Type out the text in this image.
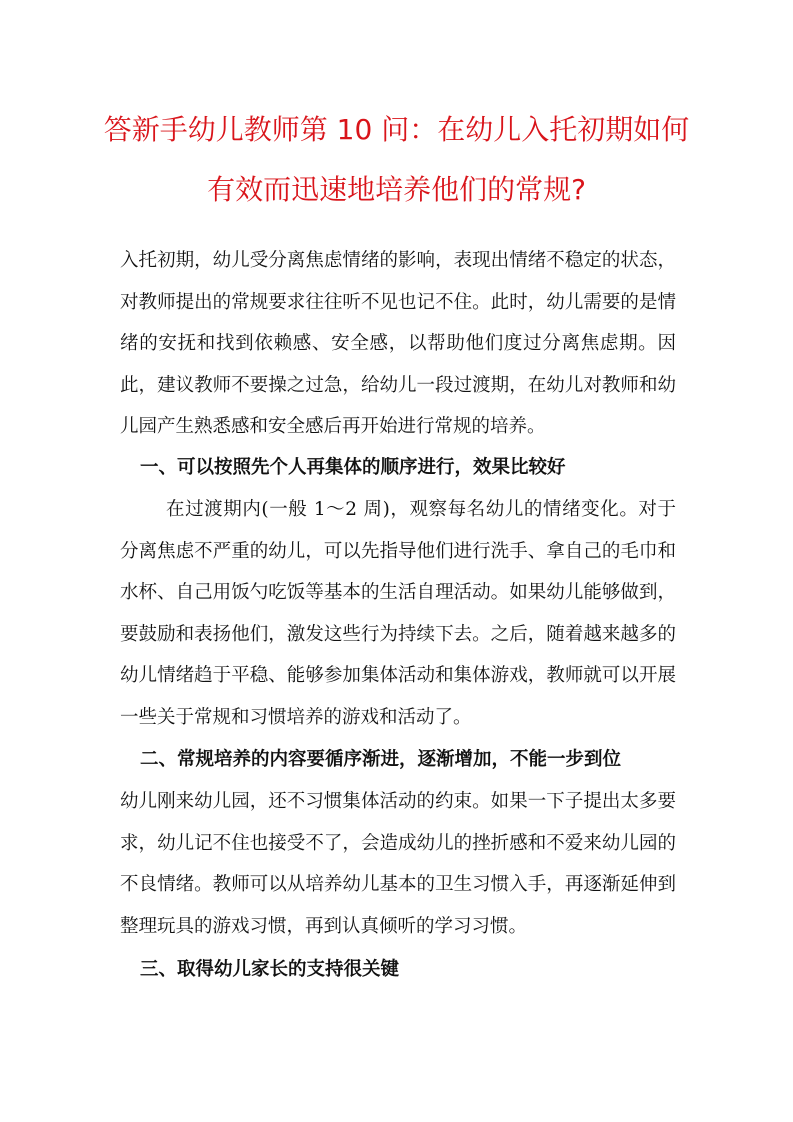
答新手幼儿教师第 10 问：在幼儿入托初期如何
有效而迅速地培养他们的常规?

入托初期，幼儿受分离焦虑情绪的影响，表现出情绪不稳定的状态，对教师提出的常规要求往往听不见也记不住。此时，幼儿需要的是情绪的安抚和找到依赖感、安全感，以帮助他们度过分离焦虑期。因此，建议教师不要操之过急，给幼儿一段过渡期，在幼儿对教师和幼儿园产生熟悉感和安全感后再开始进行常规的培养。

一、可以按照先个人再集体的顺序进行，效果比较好

在过渡期内(一般 1～2 周)，观察每名幼儿的情绪变化。对于分离焦虑不严重的幼儿，可以先指导他们进行洗手、拿自己的毛巾和水杯、自己用饭勺吃饭等基本的生活自理活动。如果幼儿能够做到，要鼓励和表扬他们，激发这些行为持续下去。之后，随着越来越多的幼儿情绪趋于平稳、能够参加集体活动和集体游戏，教师就可以开展一些关于常规和习惯培养的游戏和活动了。

二、常规培养的内容要循序渐进，逐渐增加，不能一步到位

幼儿刚来幼儿园，还不习惯集体活动的约束。如果一下子提出太多要求，幼儿记不住也接受不了，会造成幼儿的挫折感和不爱来幼儿园的不良情绪。教师可以从培养幼儿基本的卫生习惯入手，再逐渐延伸到整理玩具的游戏习惯，再到认真倾听的学习习惯。

三、取得幼儿家长的支持很关键
